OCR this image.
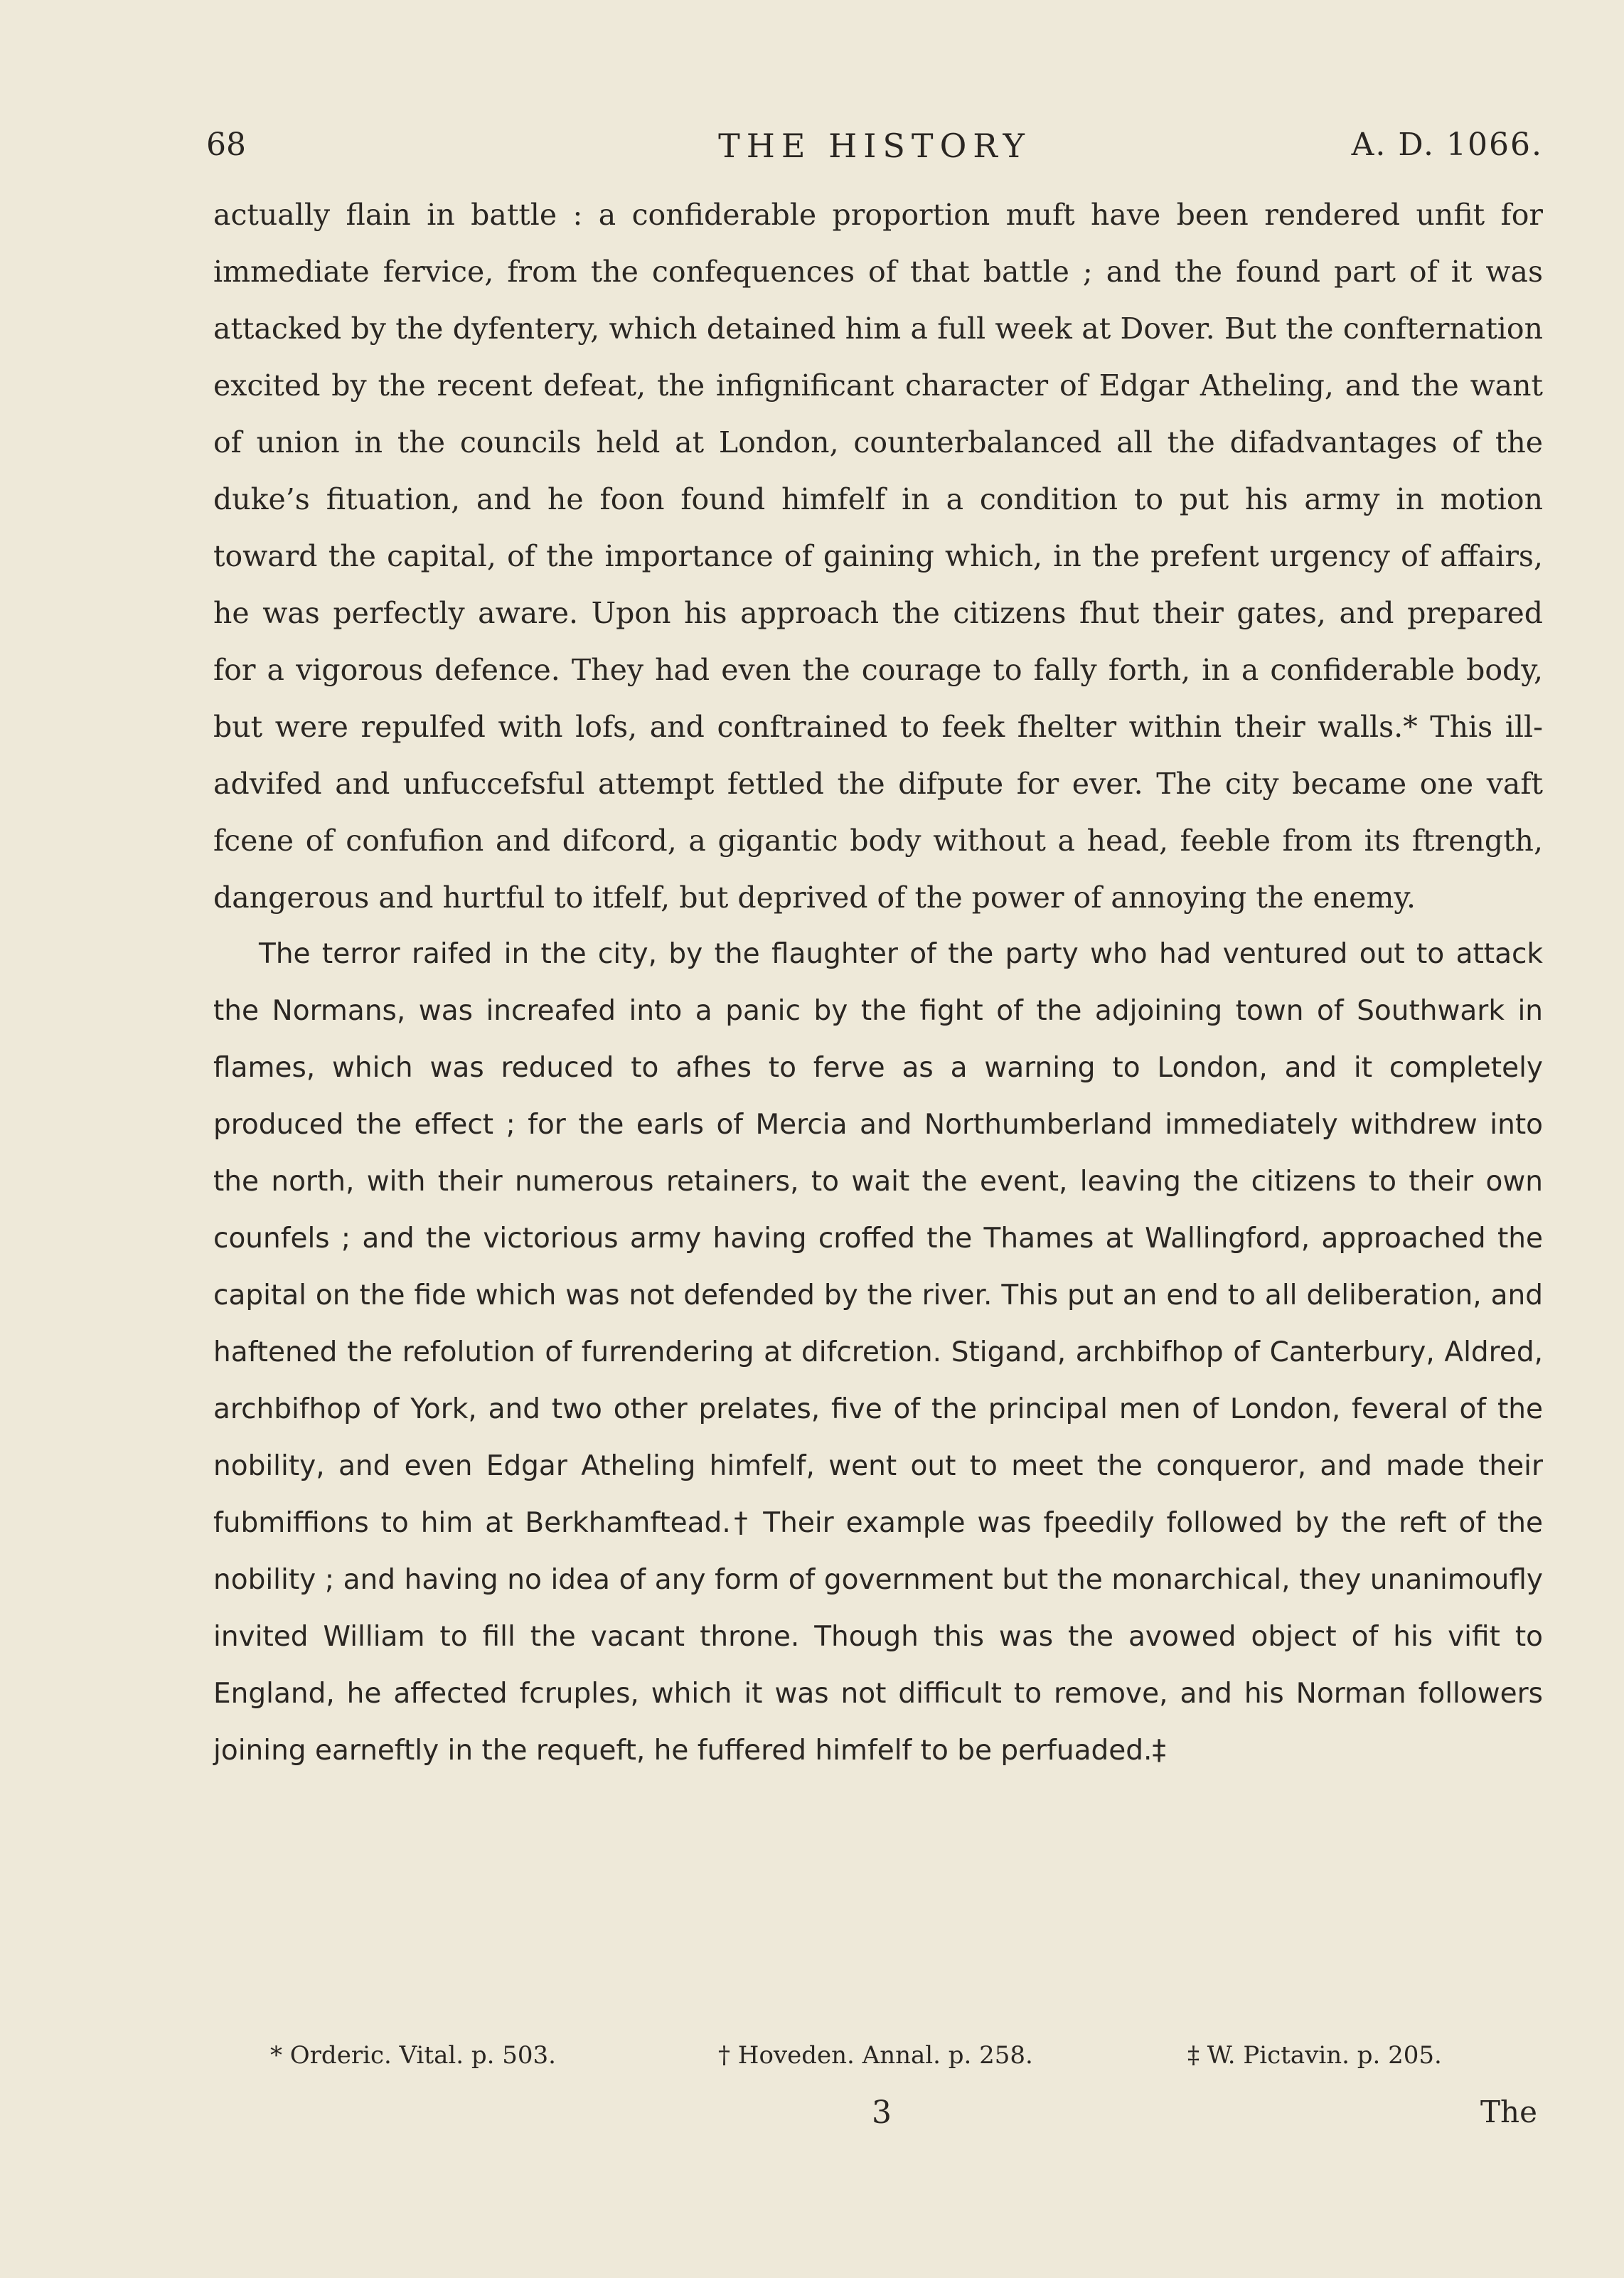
68	THE HISTORY	A. D. 1066.

actually flain in battle : a confiderable proportion muft have been rendered unfit for immediate fervice, from the confequences of that battle ; and the found part of it was attacked by the dyfentery, which detained him a full week at Dover. But the confternation excited by the recent defeat, the infignificant character of Edgar Atheling, and the want of union in the councils held at London, counterbalanced all the difadvantages of the duke’s fituation, and he foon found himfelf in a condition to put his army in motion toward the capital, of the importance of gaining which, in the prefent urgency of affairs, he was perfectly aware. Upon his approach the citizens fhut their gates, and prepared for a vigorous defence. They had even the courage to fally forth, in a confiderable body, but were repulfed with lofs, and conftrained to feek fhelter within their walls.* This ill-advifed and unfuccefsful attempt fettled the difpute for ever. The city became one vaft fcene of confufion and difcord, a gigantic body without a head, feeble from its ftrength, dangerous and hurtful to itfelf, but deprived of the power of annoying the enemy.

The terror raifed in the city, by the flaughter of the party who had ventured out to attack the Normans, was increafed into a panic by the fight of the adjoining town of Southwark in flames, which was reduced to afhes to ferve as a warning to London, and it completely produced the effect ; for the earls of Mercia and Northumberland immediately withdrew into the north, with their numerous retainers, to wait the event, leaving the citizens to their own counfels ; and the victorious army having croffed the Thames at Wallingford, approached the capital on the fide which was not defended by the river. This put an end to all deliberation, and haftened the refolution of furrendering at difcretion. Stigand, archbifhop of Canterbury, Aldred, archbifhop of York, and two other prelates, five of the principal men of London, feveral of the nobility, and even Edgar Atheling himfelf, went out to meet the conqueror, and made their fubmiffions to him at Berkhamftead.† Their example was fpeedily followed by the reft of the nobility ; and having no idea of any form of government but the monarchical, they unanimoufly invited William to fill the vacant throne. Though this was the avowed object of his vifit to England, he affected fcruples, which it was not difficult to remove, and his Norman followers joining earneftly in the requeft, he fuffered himfelf to be perfuaded.‡

* Orderic. Vital. p. 503.	† Hoveden. Annal. p. 258.	‡ W. Pictavin. p. 205.
3	The
